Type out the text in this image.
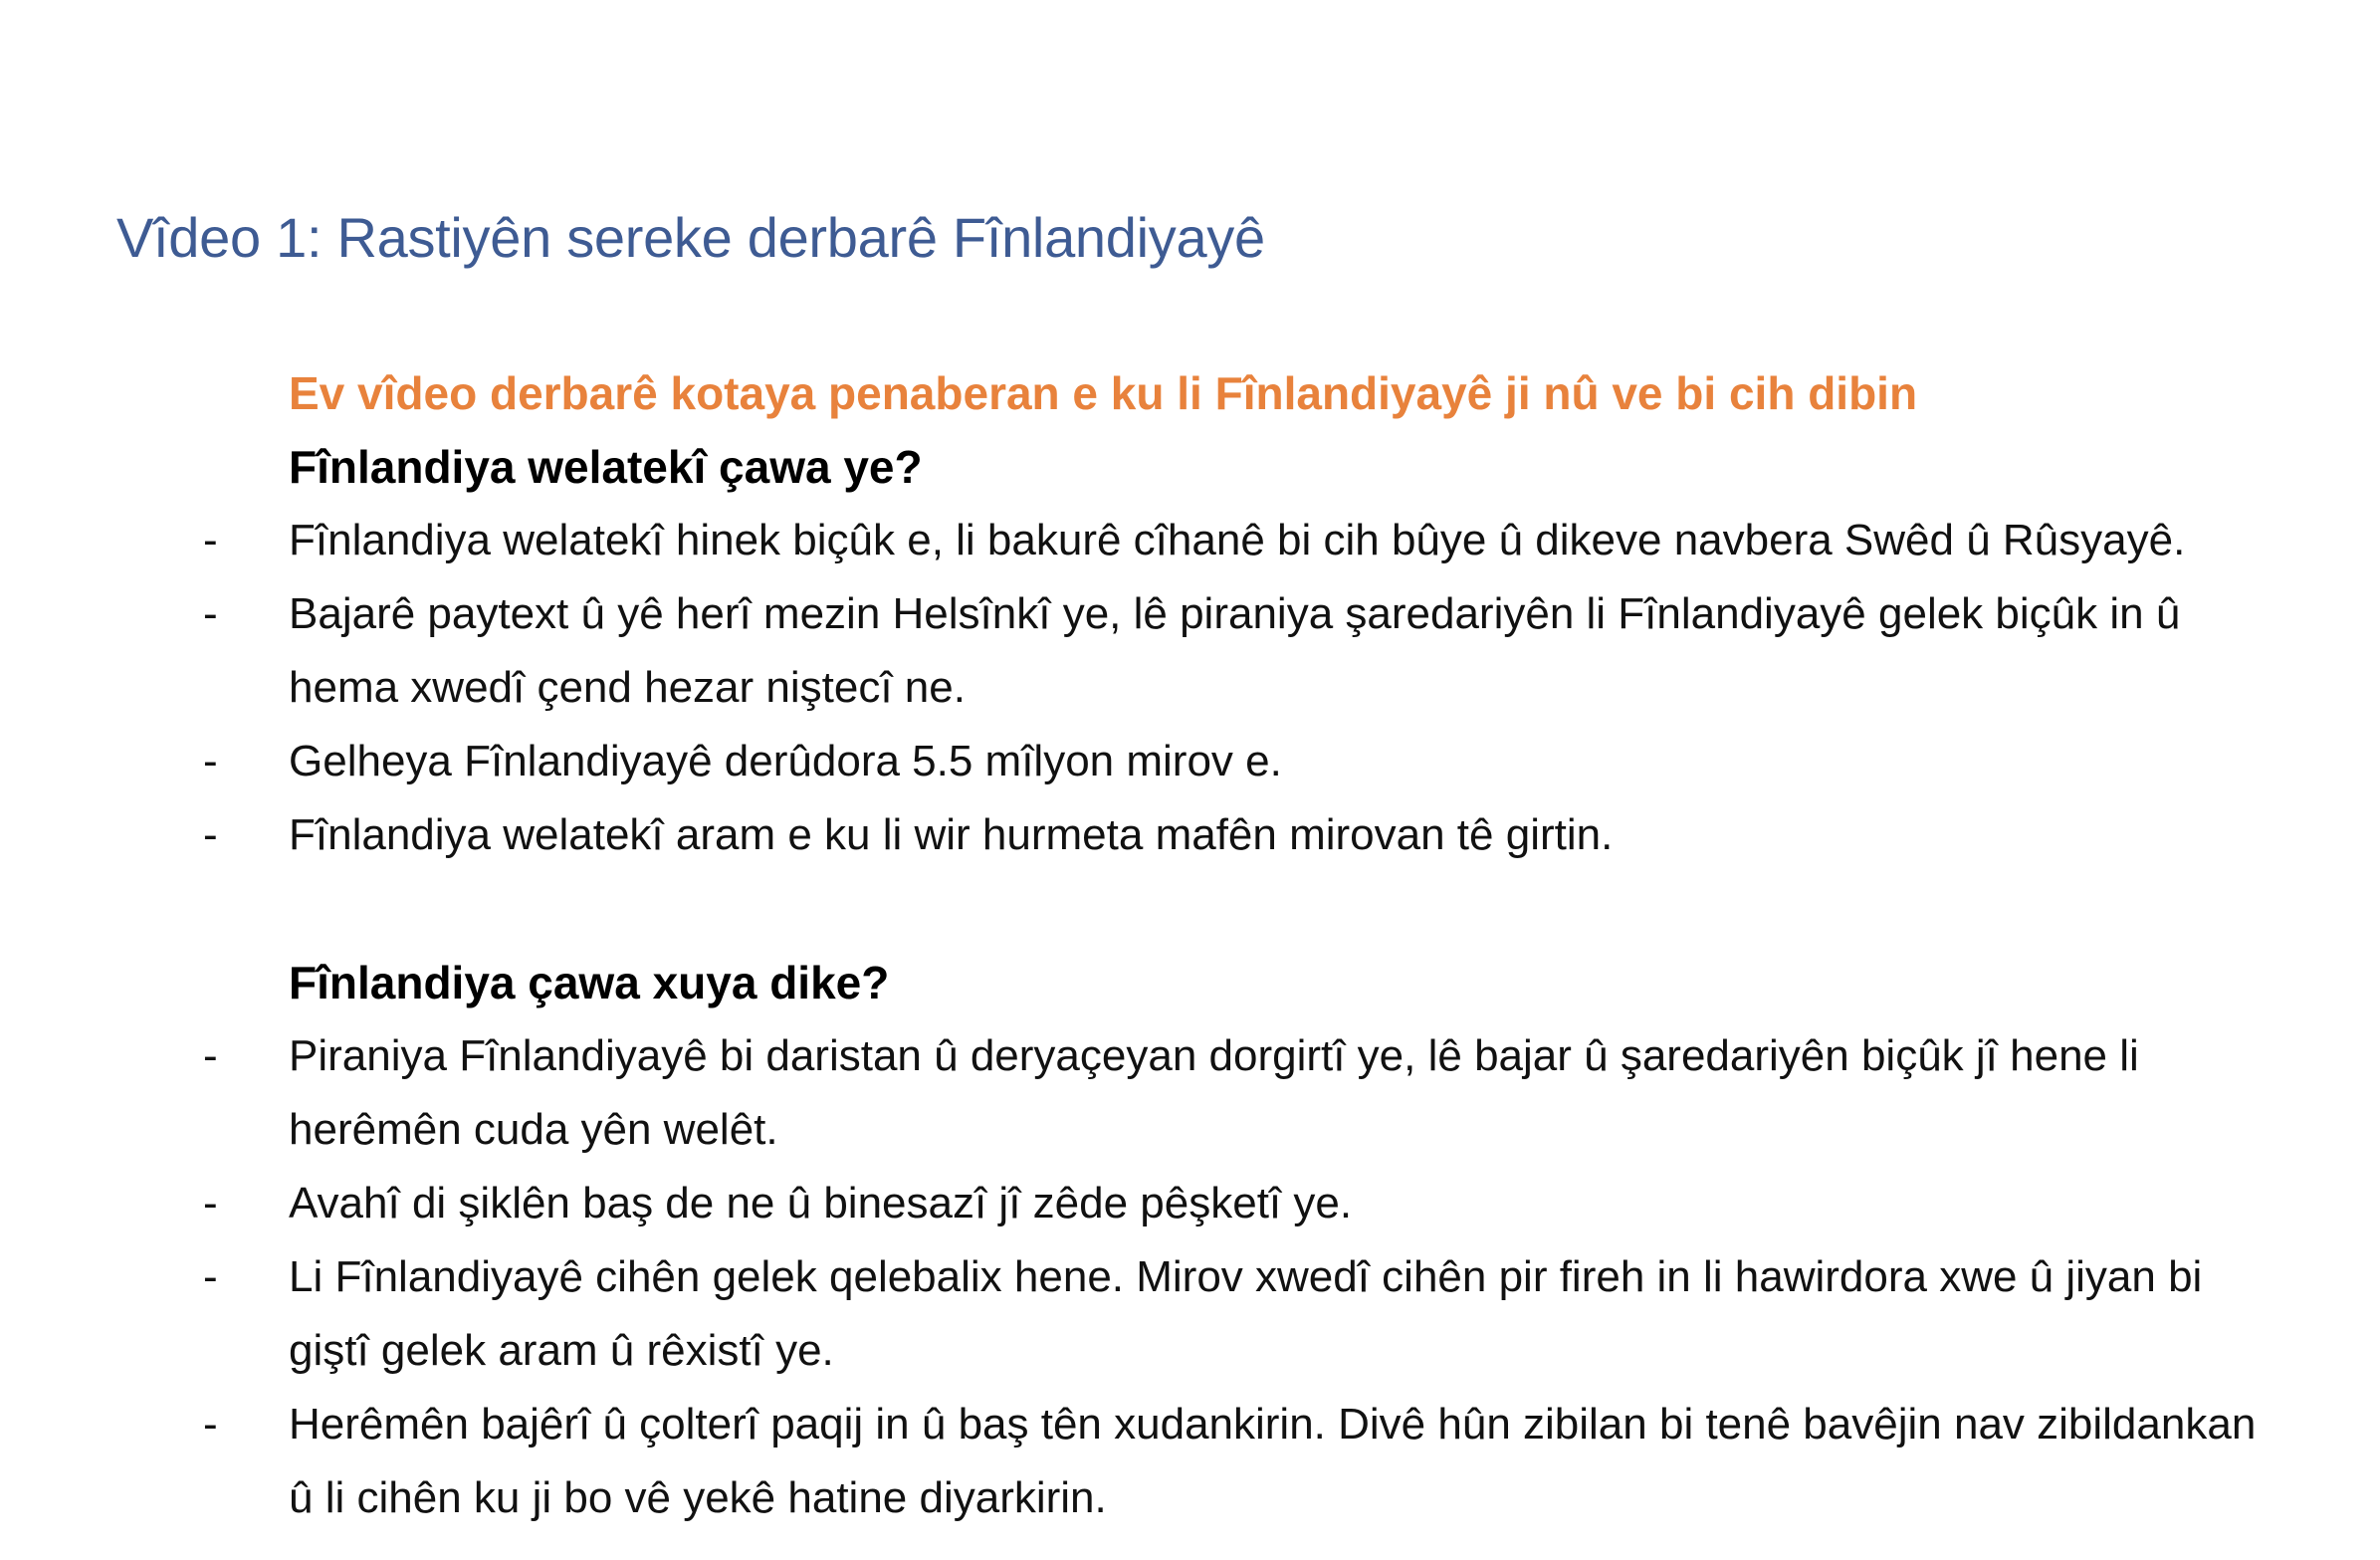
Vîdeo 1: Rastiyên sereke derbarê Fînlandiyayê

Ev vîdeo derbarê kotaya penaberan e ku li Fînlandiyayê ji nû ve bi cih dibin

Fînlandiya welatekî çawa ye?

- Fînlandiya welatekî hinek biçûk e, li bakurê cîhanê bi cih bûye û dikeve navbera Swêd û Rûsyayê.
- Bajarê paytext û yê herî mezin Helsînkî ye, lê piraniya şaredariyên li Fînlandiyayê gelek biçûk in û hema xwedî çend hezar niştecî ne.
- Gelheya Fînlandiyayê derûdora 5.5 mîlyon mirov e.
- Fînlandiya welatekî aram e ku li wir hurmeta mafên mirovan tê girtin.

Fînlandiya çawa xuya dike?

- Piraniya Fînlandiyayê bi daristan û deryaçeyan dorgirtî ye, lê bajar û şaredariyên biçûk jî hene li herêmên cuda yên welêt.
- Avahî di şiklên baş de ne û binesazî jî zêde pêşketî ye.
- Li Fînlandiyayê cihên gelek qelebalix hene. Mirov xwedî cihên pir fireh in li hawirdora xwe û jiyan bi giştî gelek aram û rêxistî ye.
- Herêmên bajêrî û çolterî paqij in û baş tên xudankirin. Divê hûn zibilan bi tenê bavêjin nav zibildankan û li cihên ku ji bo vê yekê hatine diyarkirin.
